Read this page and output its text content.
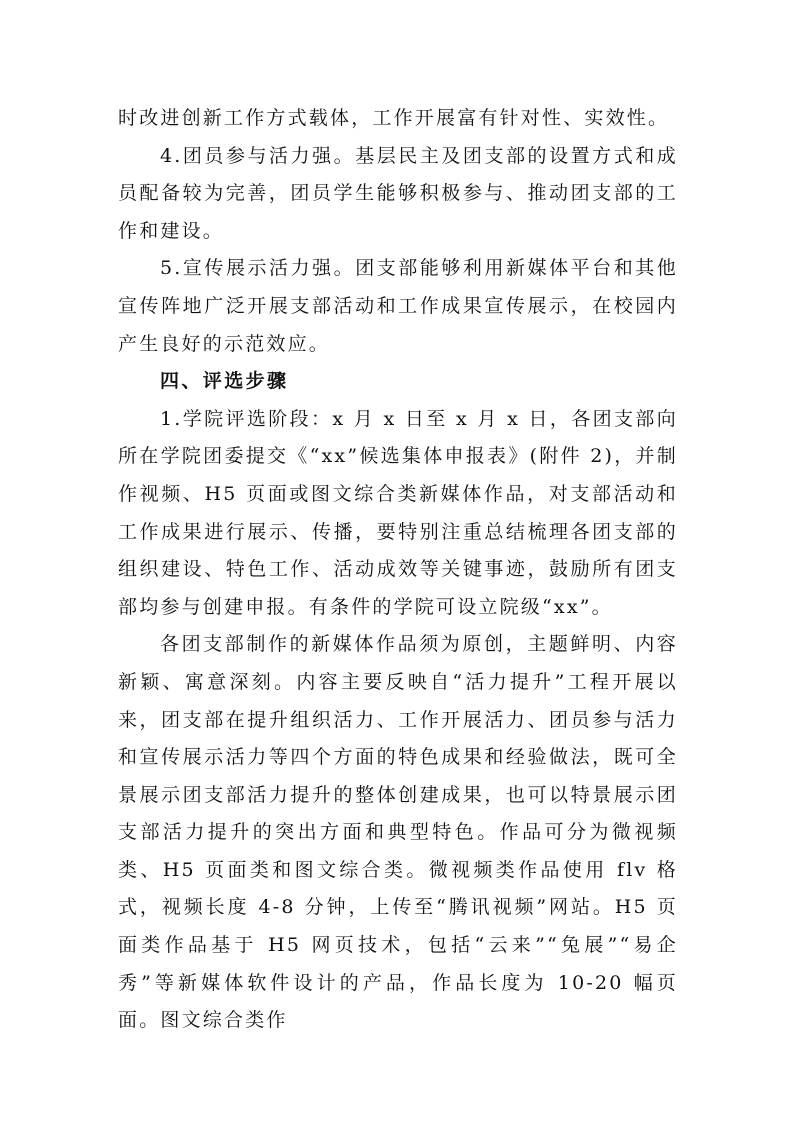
时改进创新工作方式载体，工作开展富有针对性、实效性。

4.团员参与活力强。基层民主及团支部的设置方式和成员配备较为完善，团员学生能够积极参与、推动团支部的工作和建设。

5.宣传展示活力强。团支部能够利用新媒体平台和其他宣传阵地广泛开展支部活动和工作成果宣传展示，在校园内产生良好的示范效应。

四、评选步骤

1.学院评选阶段：x 月 x 日至 x 月 x 日，各团支部向所在学院团委提交《“xx”候选集体申报表》(附件 2)，并制作视频、H5 页面或图文综合类新媒体作品，对支部活动和工作成果进行展示、传播，要特别注重总结梳理各团支部的组织建设、特色工作、活动成效等关键事迹，鼓励所有团支部均参与创建申报。有条件的学院可设立院级“xx”。

各团支部制作的新媒体作品须为原创，主题鲜明、内容新颖、寓意深刻。内容主要反映自“活力提升”工程开展以来，团支部在提升组织活力、工作开展活力、团员参与活力和宣传展示活力等四个方面的特色成果和经验做法，既可全景展示团支部活力提升的整体创建成果，也可以特景展示团支部活力提升的突出方面和典型特色。作品可分为微视频类、H5 页面类和图文综合类。微视频类作品使用 flv 格式，视频长度 4-8 分钟，上传至“腾讯视频”网站。H5 页面类作品基于 H5 网页技术，包括“云来”“兔展”“易企秀”等新媒体软件设计的产品，作品长度为 10-20 幅页面。图文综合类作
